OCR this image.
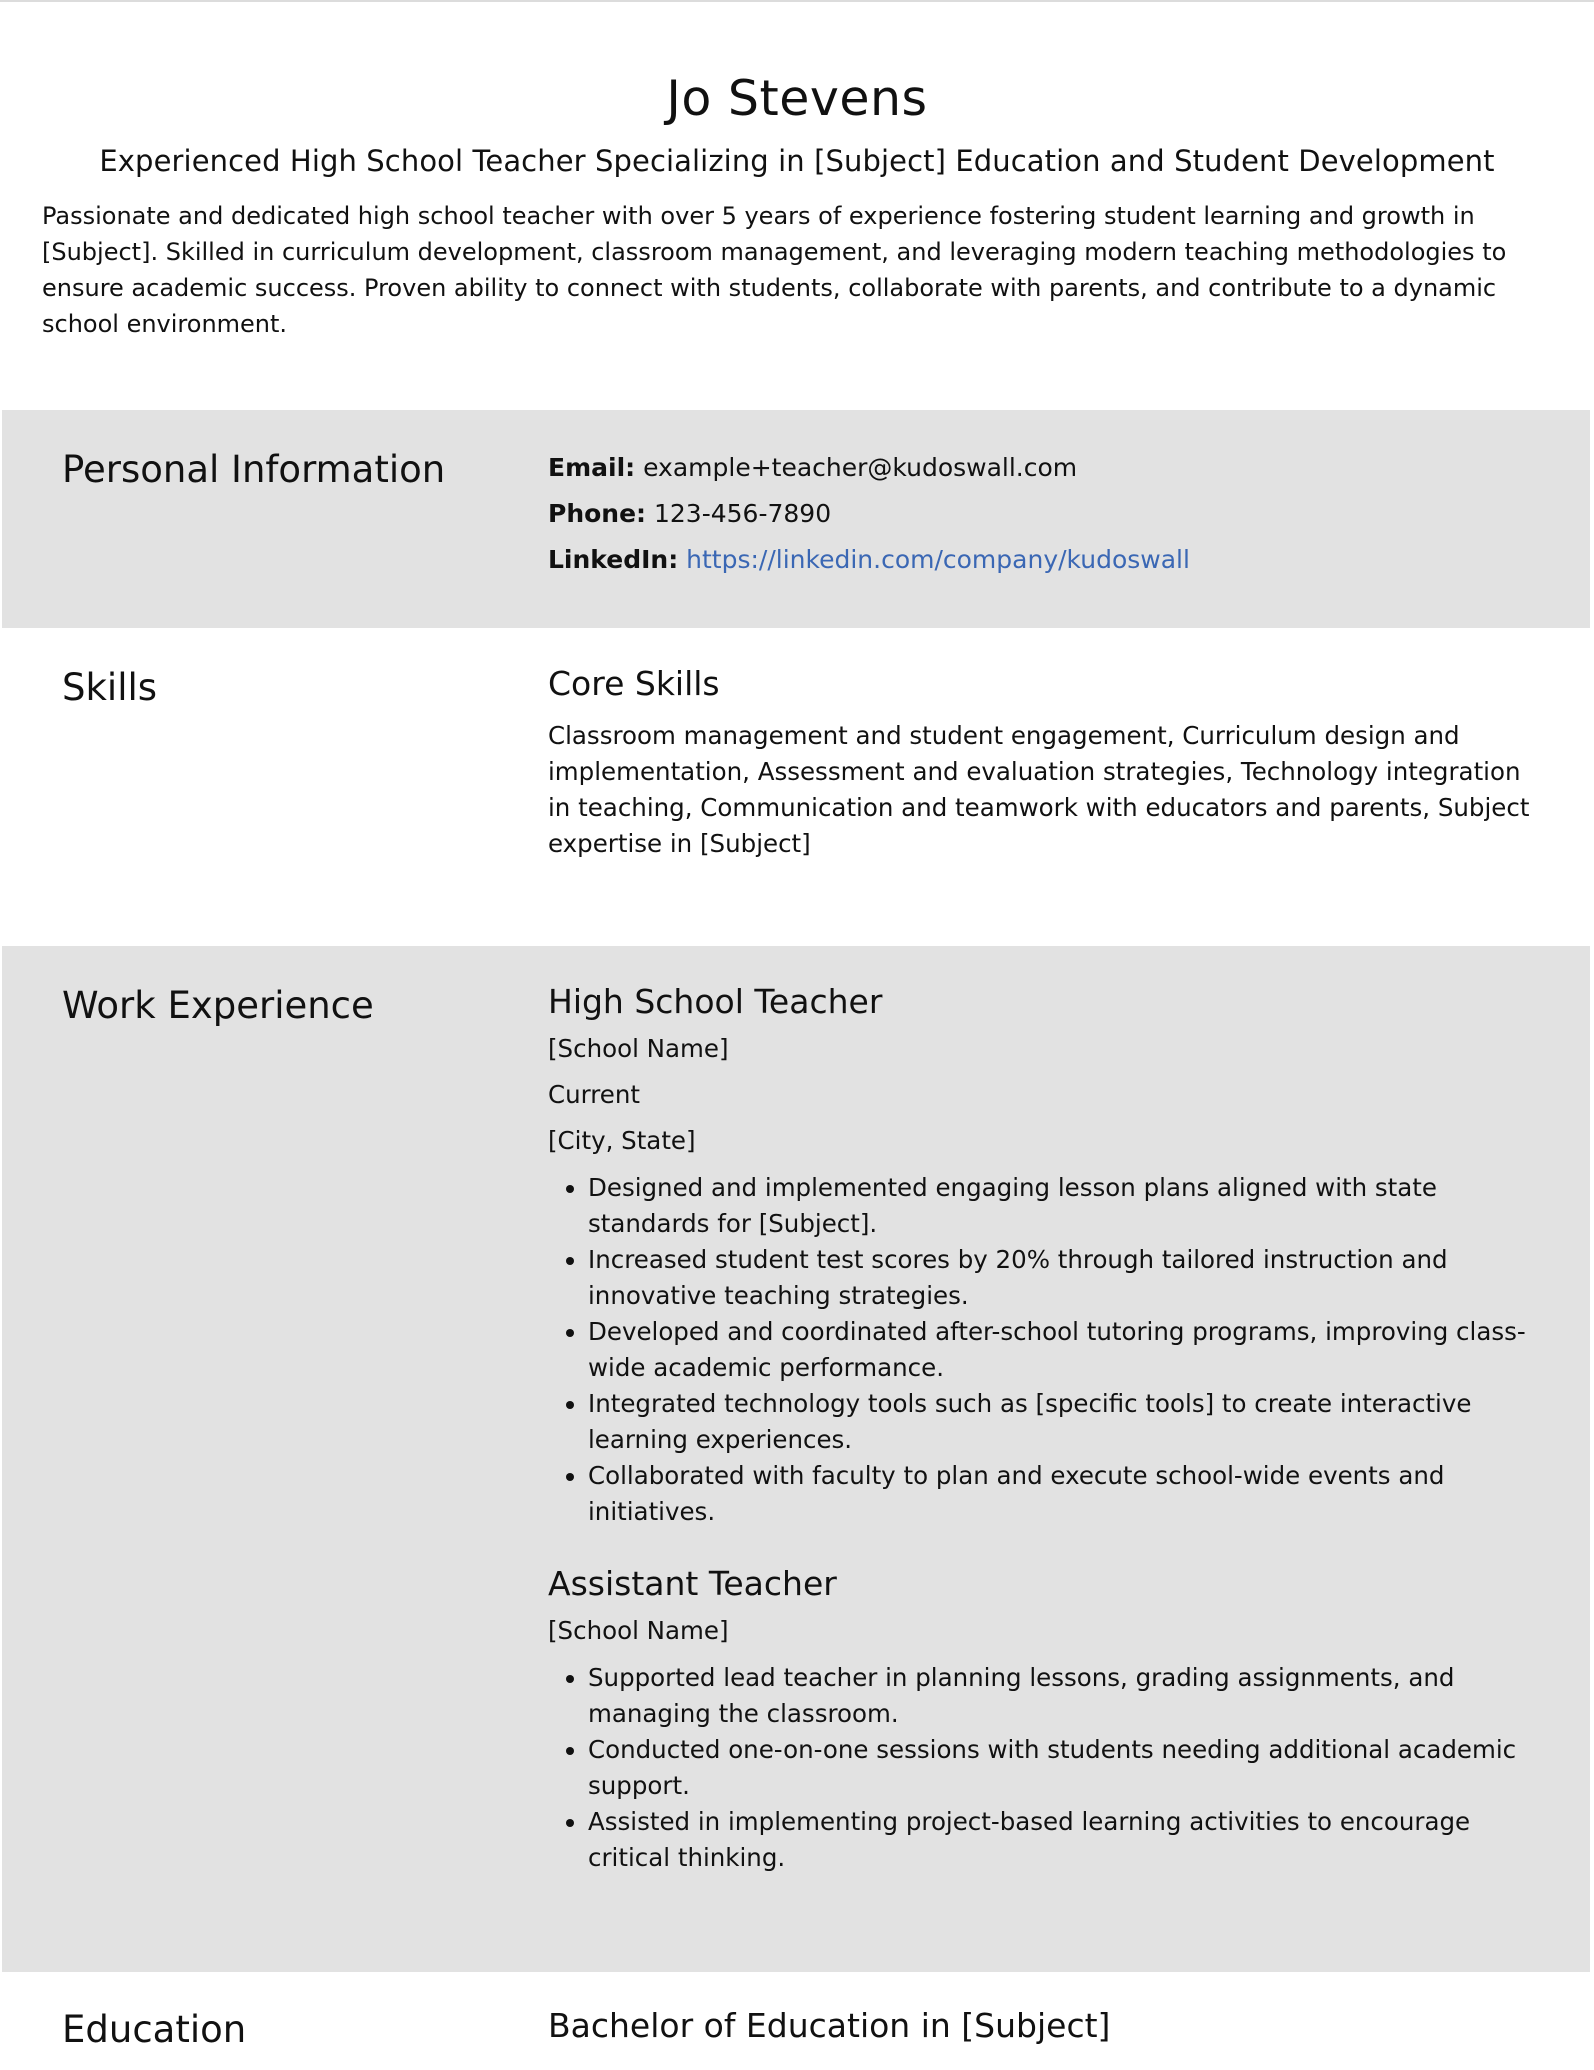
Jo Stevens
Experienced High School Teacher Specializing in [Subject] Education and Student Development

Passionate and dedicated high school teacher with over 5 years of experience fostering student learning and growth in [Subject]. Skilled in curriculum development, classroom management, and leveraging modern teaching methodologies to ensure academic success. Proven ability to connect with students, collaborate with parents, and contribute to a dynamic school environment.

Personal Information	Email: example+teacher@kudoswall.com
Phone: 123-456-7890
LinkedIn: https://linkedin.com/company/kudoswall
Skills	Core Skills

Classroom management and student engagement, Curriculum design and implementation, Assessment and evaluation strategies, Technology integration in teaching, Communication and teamwork with educators and parents, Subject expertise in [Subject]

Work Experience	High School Teacher

[School Name]

Current

[City, State]

• Designed and implemented engaging lesson plans aligned with state standards for [Subject].
• Increased student test scores by 20% through tailored instruction and innovative teaching strategies.
• Developed and coordinated after-school tutoring programs, improving class-wide academic performance.
• Integrated technology tools such as [specific tools] to create interactive learning experiences.
• Collaborated with faculty to plan and execute school-wide events and initiatives.
Assistant Teacher

[School Name]

• Supported lead teacher in planning lessons, grading assignments, and managing the classroom.
• Conducted one-on-one sessions with students needing additional academic support.
• Assisted in implementing project-based learning activities to encourage critical thinking.
Education	Bachelor of Education in [Subject]
